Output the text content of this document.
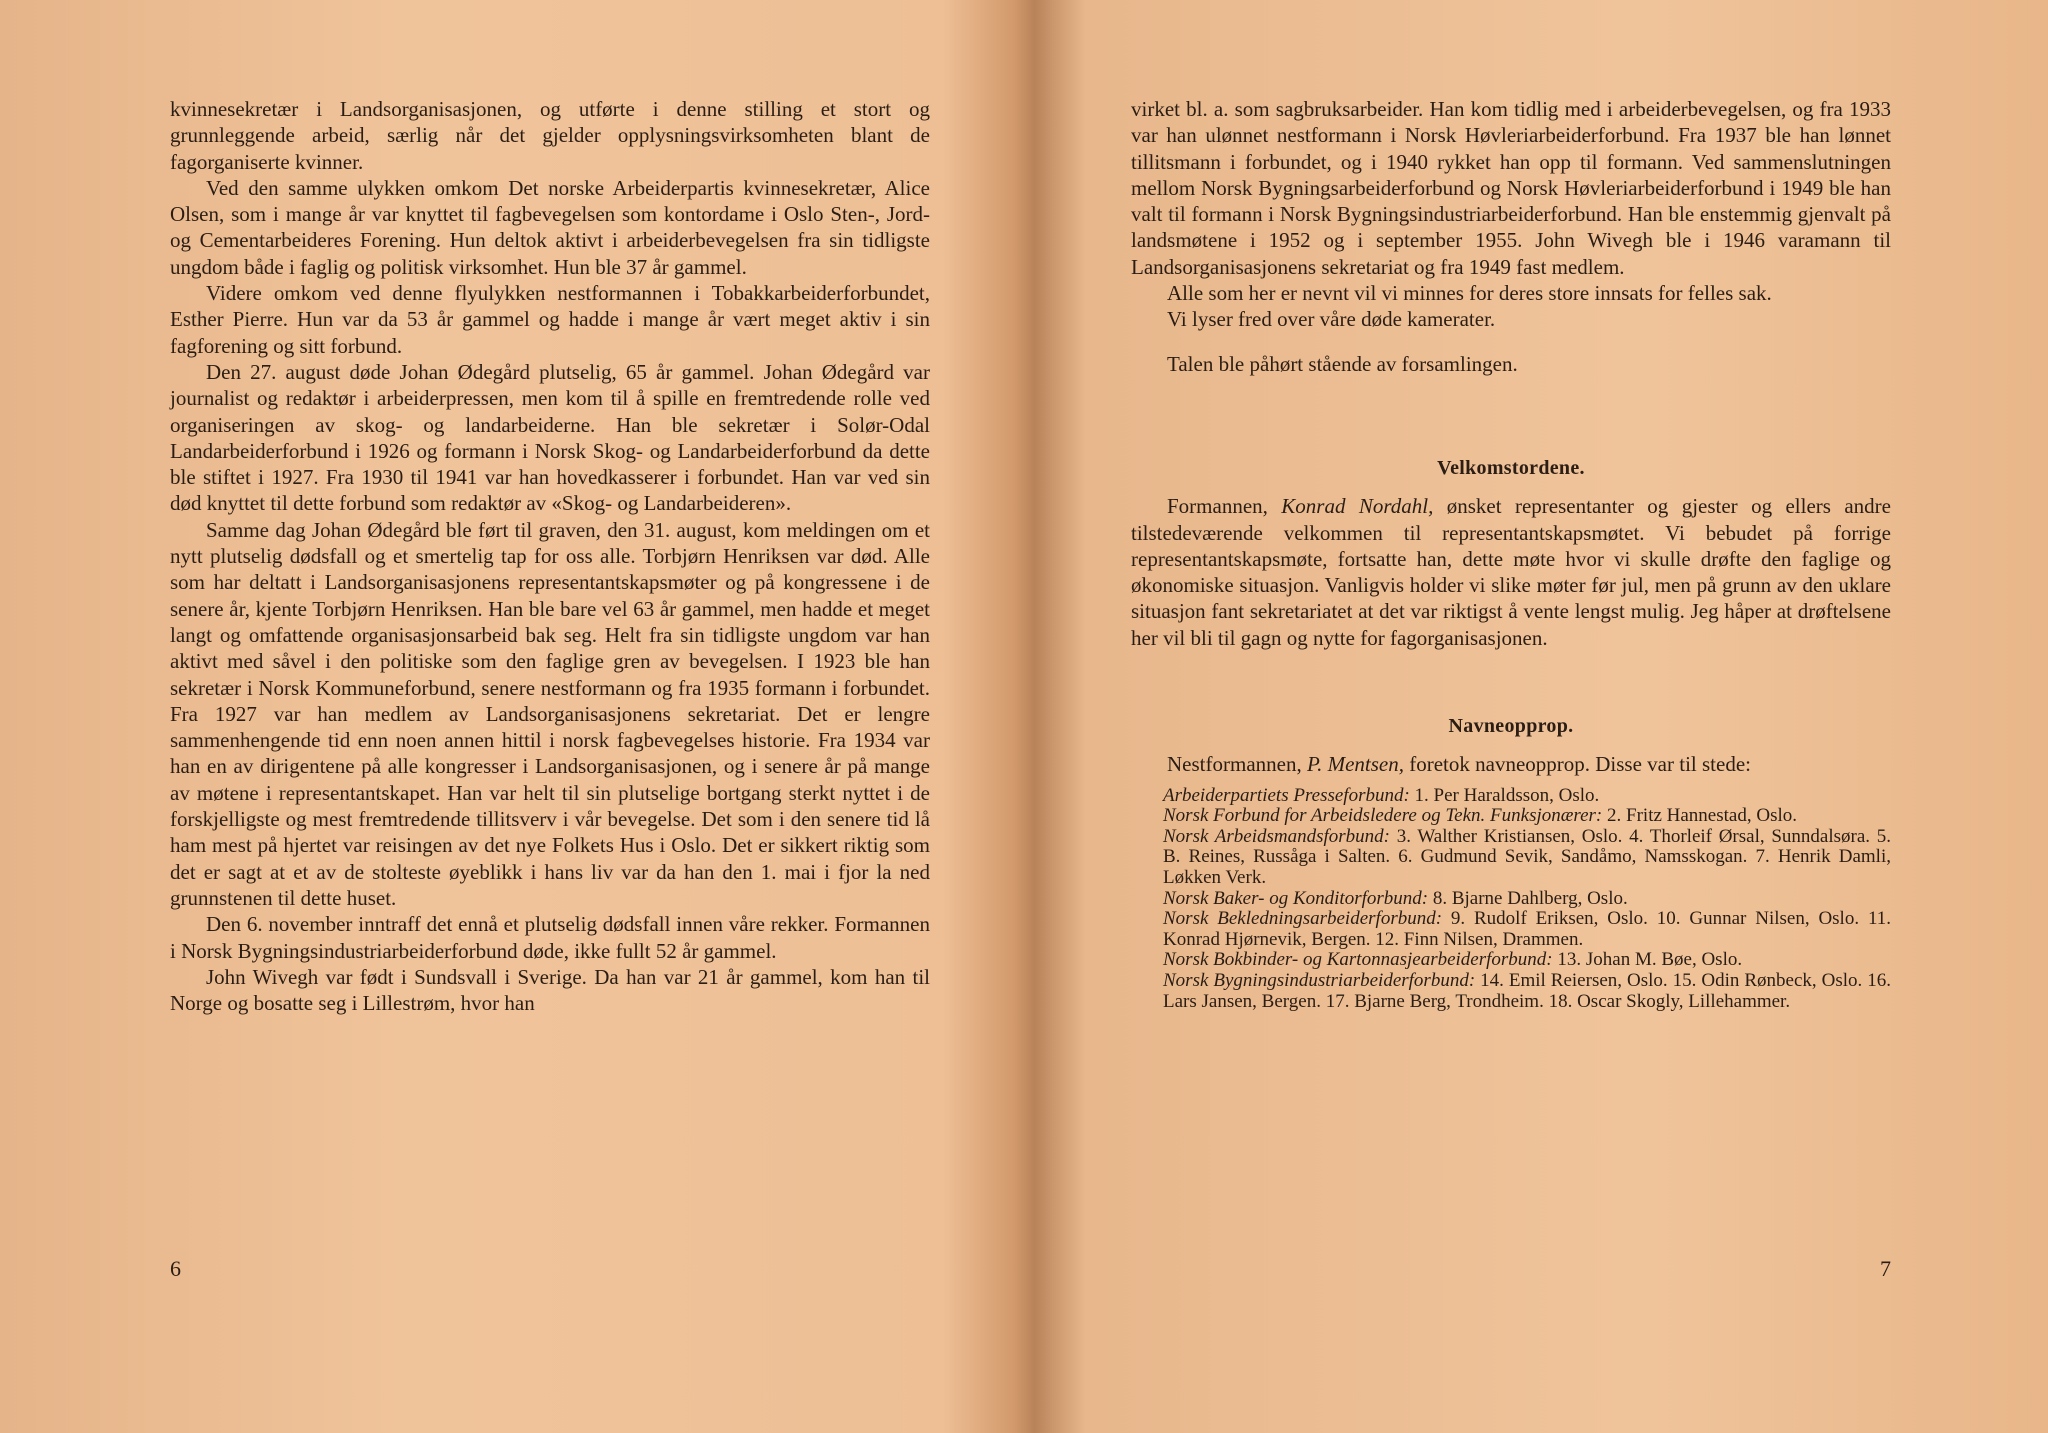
kvinnesekretær i Landsorganisasjonen, og utførte i denne stilling et stort og grunnleggende arbeid, særlig når det gjelder opplysningsvirksomheten blant de fagorganiserte kvinner.

Ved den samme ulykken omkom Det norske Arbeiderpartis kvinnesekretær, Alice Olsen, som i mange år var knyttet til fagbevegelsen som kontordame i Oslo Sten-, Jord- og Cementarbeideres Forening. Hun deltok aktivt i arbeiderbevegelsen fra sin tidligste ungdom både i faglig og politisk virksomhet. Hun ble 37 år gammel.

Videre omkom ved denne flyulykken nestformannen i Tobakkarbeiderforbundet, Esther Pierre. Hun var da 53 år gammel og hadde i mange år vært meget aktiv i sin fagforening og sitt forbund.

Den 27. august døde Johan Ødegård plutselig, 65 år gammel. Johan Ødegård var journalist og redaktør i arbeiderpressen, men kom til å spille en fremtredende rolle ved organiseringen av skog- og landarbeiderne. Han ble sekretær i Solør-Odal Landarbeiderforbund i 1926 og formann i Norsk Skog- og Landarbeiderforbund da dette ble stiftet i 1927. Fra 1930 til 1941 var han hovedkasserer i forbundet. Han var ved sin død knyttet til dette forbund som redaktør av «Skog- og Landarbeideren».

Samme dag Johan Ødegård ble ført til graven, den 31. august, kom meldingen om et nytt plutselig dødsfall og et smertelig tap for oss alle. Torbjørn Henriksen var død. Alle som har deltatt i Landsorganisasjonens representantskapsmøter og på kongressene i de senere år, kjente Torbjørn Henriksen. Han ble bare vel 63 år gammel, men hadde et meget langt og omfattende organisasjonsarbeid bak seg. Helt fra sin tidligste ungdom var han aktivt med såvel i den politiske som den faglige gren av bevegelsen. I 1923 ble han sekretær i Norsk Kommuneforbund, senere nestformann og fra 1935 formann i forbundet. Fra 1927 var han medlem av Landsorganisasjonens sekretariat. Det er lengre sammenhengende tid enn noen annen hittil i norsk fagbevegelses historie. Fra 1934 var han en av dirigentene på alle kongresser i Landsorganisasjonen, og i senere år på mange av møtene i representantskapet. Han var helt til sin plutselige bortgang sterkt nyttet i de forskjelligste og mest fremtredende tillitsverv i vår bevegelse. Det som i den senere tid lå ham mest på hjertet var reisingen av det nye Folkets Hus i Oslo. Det er sikkert riktig som det er sagt at et av de stolteste øyeblikk i hans liv var da han den 1. mai i fjor la ned grunnstenen til dette huset.

Den 6. november inntraff det ennå et plutselig dødsfall innen våre rekker. Formannen i Norsk Bygningsindustriarbeiderforbund døde, ikke fullt 52 år gammel.

John Wivegh var født i Sundsvall i Sverige. Da han var 21 år gammel, kom han til Norge og bosatte seg i Lillestrøm, hvor han

6

virket bl. a. som sagbruksarbeider. Han kom tidlig med i arbeiderbevegelsen, og fra 1933 var han ulønnet nestformann i Norsk Høvleriarbeiderforbund. Fra 1937 ble han lønnet tillitsmann i forbundet, og i 1940 rykket han opp til formann. Ved sammenslutningen mellom Norsk Bygningsarbeiderforbund og Norsk Høvleriarbeiderforbund i 1949 ble han valt til formann i Norsk Bygningsindustriarbeiderforbund. Han ble enstemmig gjenvalt på landsmøtene i 1952 og i september 1955. John Wivegh ble i 1946 varamann til Landsorganisasjonens sekretariat og fra 1949 fast medlem.

Alle som her er nevnt vil vi minnes for deres store innsats for felles sak.

Vi lyser fred over våre døde kamerater.

Talen ble påhørt stående av forsamlingen.

Velkomstordene.

Formannen, Konrad Nordahl, ønsket representanter og gjester og ellers andre tilstedeværende velkommen til representantskapsmøtet. Vi bebudet på forrige representantskapsmøte, fortsatte han, dette møte hvor vi skulle drøfte den faglige og økonomiske situasjon. Vanligvis holder vi slike møter før jul, men på grunn av den uklare situasjon fant sekretariatet at det var riktigst å vente lengst mulig. Jeg håper at drøftelsene her vil bli til gagn og nytte for fagorganisasjonen.

Navneopprop.

Nestformannen, P. Mentsen, foretok navneopprop. Disse var til stede:

Arbeiderpartiets Presseforbund: 1. Per Haraldsson, Oslo.

Norsk Forbund for Arbeidsledere og Tekn. Funksjonærer: 2. Fritz Hannestad, Oslo.

Norsk Arbeidsmandsforbund: 3. Walther Kristiansen, Oslo. 4. Thorleif Ørsal, Sunndalsøra. 5. B. Reines, Russåga i Salten. 6. Gudmund Sevik, Sandåmo, Namsskogan. 7. Henrik Damli, Løkken Verk.

Norsk Baker- og Konditorforbund: 8. Bjarne Dahlberg, Oslo.

Norsk Bekledningsarbeiderforbund: 9. Rudolf Eriksen, Oslo. 10. Gunnar Nilsen, Oslo. 11. Konrad Hjørnevik, Bergen. 12. Finn Nilsen, Drammen.

Norsk Bokbinder- og Kartonnasjearbeiderforbund: 13. Johan M. Bøe, Oslo.

Norsk Bygningsindustriarbeiderforbund: 14. Emil Reiersen, Oslo. 15. Odin Rønbeck, Oslo. 16. Lars Jansen, Bergen. 17. Bjarne Berg, Trondheim. 18. Oscar Skogly, Lillehammer.

7
